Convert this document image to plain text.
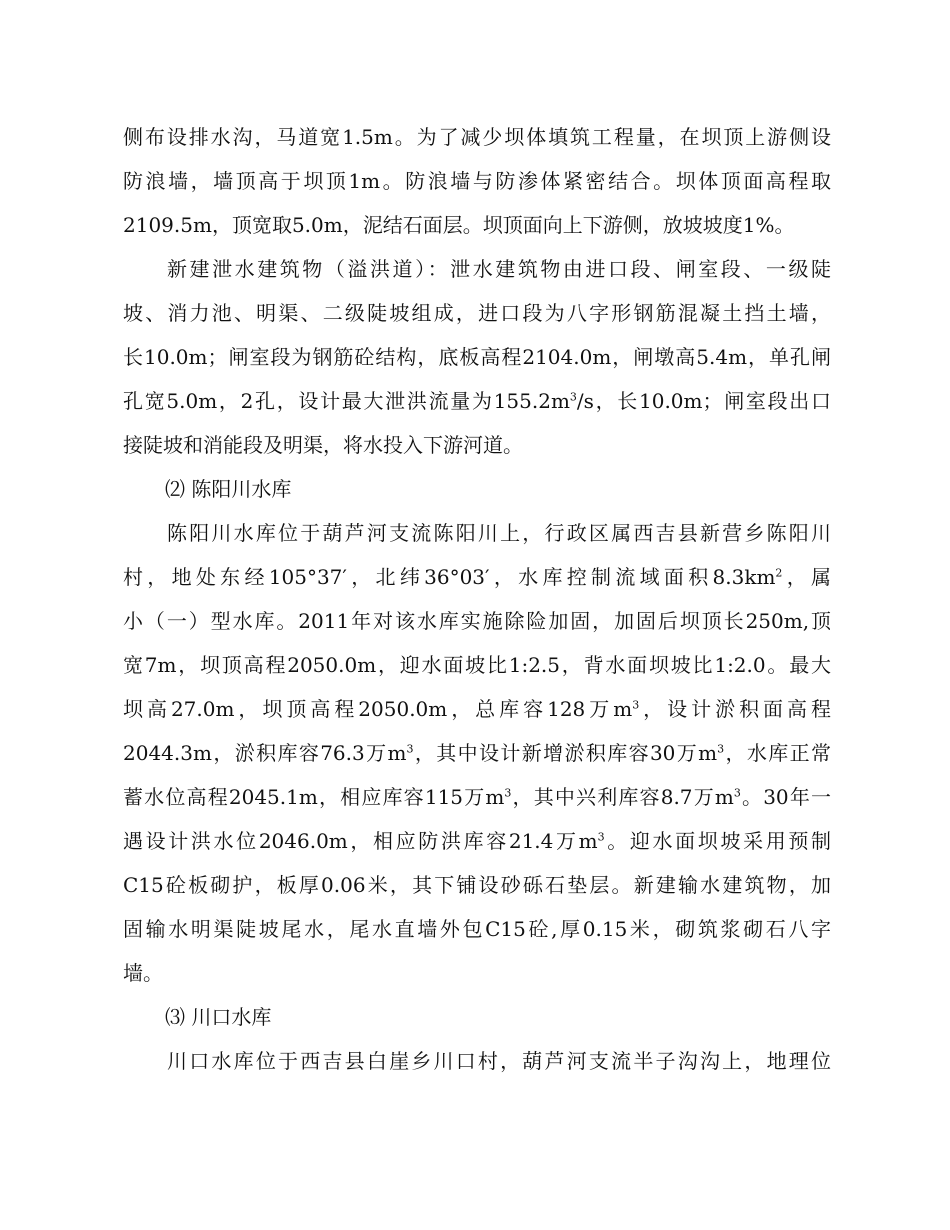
侧布设排水沟，马道宽1.5m。为了减少坝体填筑工程量，在坝顶上游侧设
防浪墙，墙顶高于坝顶1m。防浪墙与防渗体紧密结合。坝体顶面高程取
2109.5m，顶宽取5.0m，泥结石面层。坝顶面向上下游侧，放坡坡度1%。
新建泄水建筑物（溢洪道）：泄水建筑物由进口段、闸室段、一级陡
坡、消力池、明渠、二级陡坡组成，进口段为八字形钢筋混凝土挡土墙，
长10.0m；闸室段为钢筋砼结构，底板高程2104.0m，闸墩高5.4m，单孔闸
孔宽5.0m，2孔，设计最大泄洪流量为$155.2m^3/s$，长10.0m；闸室段出口
接陡坡和消能段及明渠，将水投入下游河道。
⑵ 陈阳川水库
陈阳川水库位于葫芦河支流陈阳川上，行政区属西吉县新营乡陈阳川
村，地处东经105°37′，北纬36°03′，水库控制流域面积$8.3km^2$，属
小（一）型水库。2011年对该水库实施除险加固，加固后坝顶长250m,顶
宽7m，坝顶高程2050.0m，迎水面坡比1:2.5，背水面坝坡比1:2.0。最大
坝高27.0m，坝顶高程2050.0m，总库容128万$m^3$，设计淤积面高程
2044.3m，淤积库容76.3万$m^3$，其中设计新增淤积库容30万$m^3$，水库正常
蓄水位高程2045.1m，相应库容115万$m^3$，其中兴利库容8.7万$m^3$。30年一
遇设计洪水位2046.0m，相应防洪库容21.4万$m^3$。迎水面坝坡采用预制
C15砼板砌护，板厚0.06米，其下铺设砂砾石垫层。新建输水建筑物，加
固输水明渠陡坡尾水，尾水直墙外包C15砼,厚0.15米，砌筑浆砌石八字
墙。
⑶ 川口水库
川口水库位于西吉县白崖乡川口村，葫芦河支流半子沟沟上，地理位
